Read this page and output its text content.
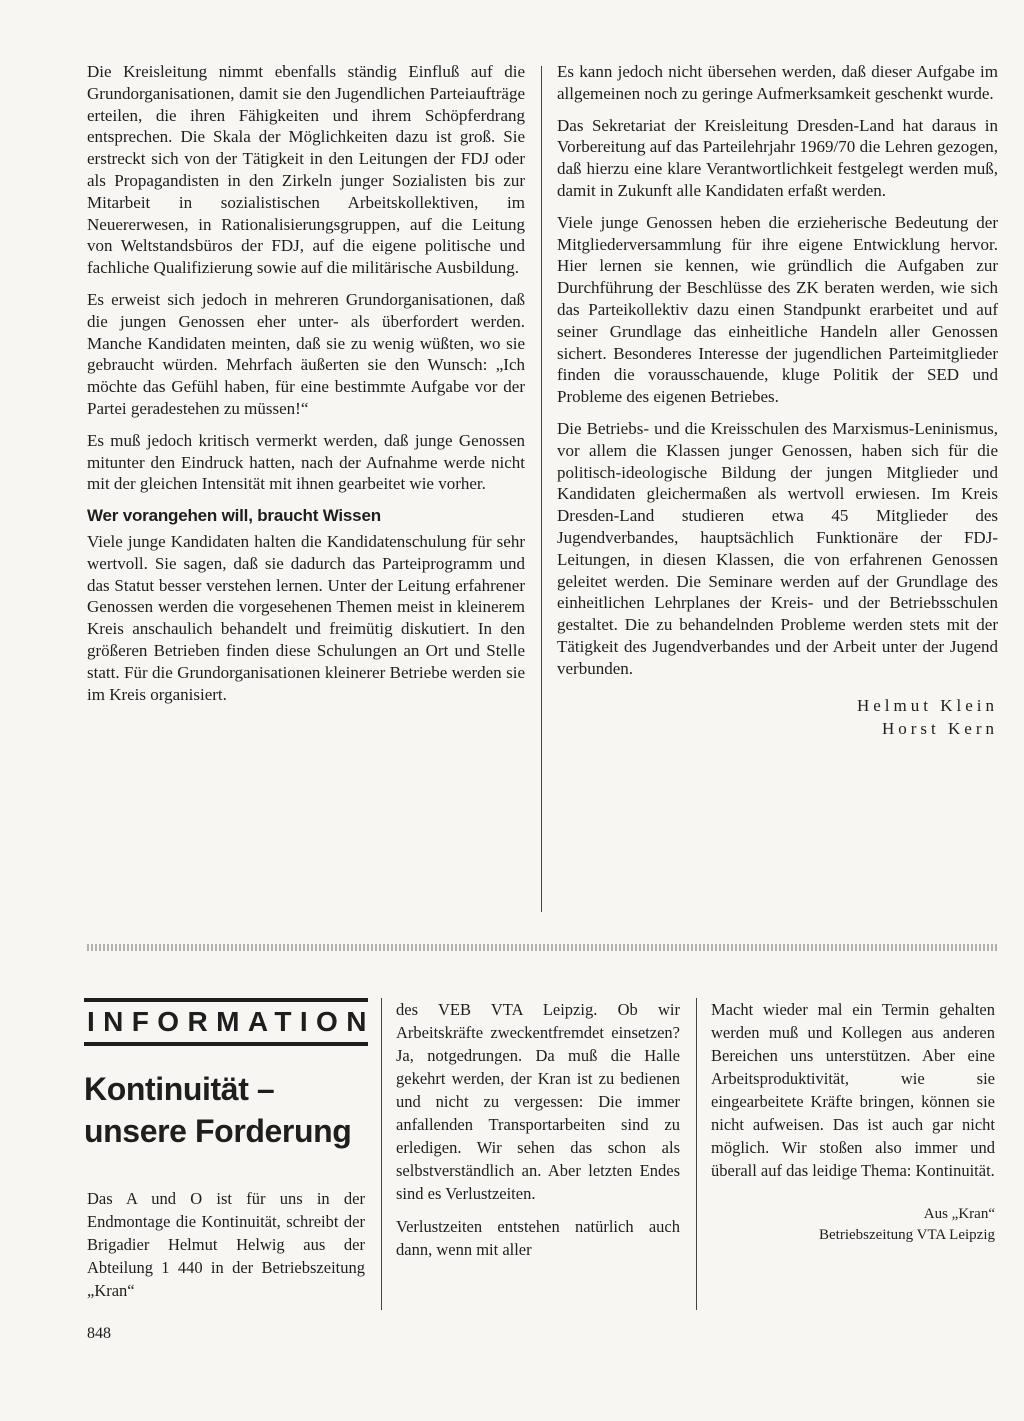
Die Kreisleitung nimmt ebenfalls ständig Einfluß auf die Grundorganisationen, damit sie den Jugendlichen Parteiaufträge erteilen, die ihren Fähigkeiten und ihrem Schöpferdrang entsprechen. Die Skala der Möglichkeiten dazu ist groß. Sie erstreckt sich von der Tätigkeit in den Leitungen der FDJ oder als Propagandisten in den Zirkeln junger Sozialisten bis zur Mitarbeit in sozialistischen Arbeitskollektiven, im Neuererwesen, in Rationalisierungsgruppen, auf die Leitung von Weltstandsbüros der FDJ, auf die eigene politische und fachliche Qualifizierung sowie auf die militärische Ausbildung.

Es erweist sich jedoch in mehreren Grundorganisationen, daß die jungen Genossen eher unter- als überfordert werden. Manche Kandidaten meinten, daß sie zu wenig wüßten, wo sie gebraucht würden. Mehrfach äußerten sie den Wunsch: „Ich möchte das Gefühl haben, für eine bestimmte Aufgabe vor der Partei geradestehen zu müssen!“

Es muß jedoch kritisch vermerkt werden, daß junge Genossen mitunter den Eindruck hatten, nach der Aufnahme werde nicht mit der gleichen Intensität mit ihnen gearbeitet wie vorher.

Wer vorangehen will, braucht Wissen

Viele junge Kandidaten halten die Kandidatenschulung für sehr wertvoll. Sie sagen, daß sie dadurch das Parteiprogramm und das Statut besser verstehen lernen. Unter der Leitung erfahrener Genossen werden die vorgesehenen Themen meist in kleinerem Kreis anschaulich behandelt und freimütig diskutiert. In den größeren Betrieben finden diese Schulungen an Ort und Stelle statt. Für die Grundorganisationen kleinerer Betriebe werden sie im Kreis organisiert.

Es kann jedoch nicht übersehen werden, daß dieser Aufgabe im allgemeinen noch zu geringe Aufmerksamkeit geschenkt wurde.

Das Sekretariat der Kreisleitung Dresden-Land hat daraus in Vorbereitung auf das Parteilehrjahr 1969/70 die Lehren gezogen, daß hierzu eine klare Verantwortlichkeit festgelegt werden muß, damit in Zukunft alle Kandidaten erfaßt werden.

Viele junge Genossen heben die erzieherische Bedeutung der Mitgliederversammlung für ihre eigene Entwicklung hervor. Hier lernen sie kennen, wie gründlich die Aufgaben zur Durchführung der Beschlüsse des ZK beraten werden, wie sich das Parteikollektiv dazu einen Standpunkt erarbeitet und auf seiner Grundlage das einheitliche Handeln aller Genossen sichert. Besonderes Interesse der jugendlichen Parteimitglieder finden die vorausschauende, kluge Politik der SED und Probleme des eigenen Betriebes.

Die Betriebs- und die Kreisschulen des Marxismus-Leninismus, vor allem die Klassen junger Genossen, haben sich für die politisch-ideologische Bildung der jungen Mitglieder und Kandidaten gleichermaßen als wertvoll erwiesen. Im Kreis Dresden-Land studieren etwa 45 Mitglieder des Jugendverbandes, hauptsächlich Funktionäre der FDJ-Leitungen, in diesen Klassen, die von erfahrenen Genossen geleitet werden. Die Seminare werden auf der Grundlage des einheitlichen Lehrplanes der Kreis- und der Betriebsschulen gestaltet. Die zu behandelnden Probleme werden stets mit der Tätigkeit des Jugendverbandes und der Arbeit unter der Jugend verbunden.

Helmut Klein
Horst Kern
INFORMATION
Kontinuität –
unsere Forderung

Das A und O ist für uns in der Endmontage die Kontinuität, schreibt der Brigadier Helmut Helwig aus der Abteilung 1 440 in der Betriebszeitung „Kran“

des VEB VTA Leipzig. Ob wir Arbeitskräfte zweckentfremdet einsetzen? Ja, notgedrungen. Da muß die Halle gekehrt werden, der Kran ist zu bedienen und nicht zu vergessen: Die immer anfallenden Transportarbeiten sind zu erledigen. Wir sehen das schon als selbstverständlich an. Aber letzten Endes sind es Verlustzeiten.

Verlustzeiten entstehen natürlich auch dann, wenn mit aller

Macht wieder mal ein Termin gehalten werden muß und Kollegen aus anderen Bereichen uns unterstützen. Aber eine Arbeitsproduktivität, wie sie eingearbeitete Kräfte bringen, können sie nicht aufweisen. Das ist auch gar nicht möglich. Wir stoßen also immer und überall auf das leidige Thema: Kontinuität.

Aus „Kran“
Betriebszeitung VTA Leipzig
848
